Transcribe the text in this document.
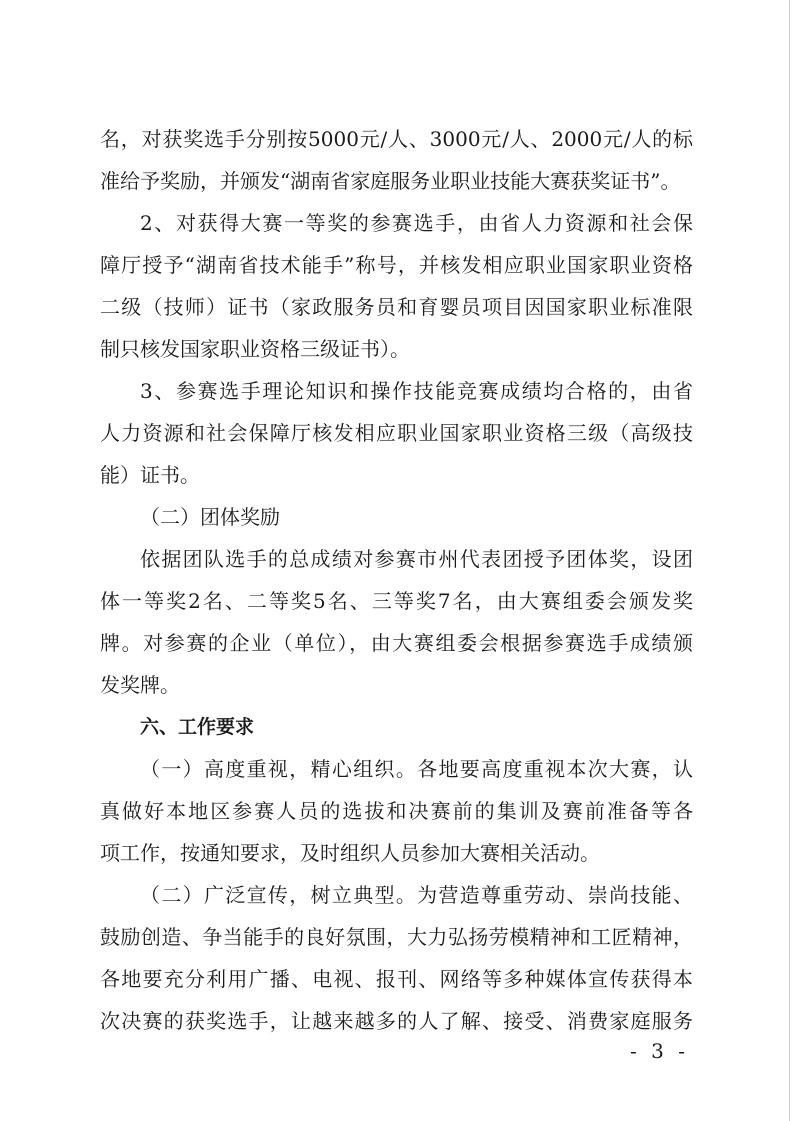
名，对获奖选手分别按5000元/人、3000元/人、2000元/人的标
准给予奖励，并颁发“湖南省家庭服务业职业技能大赛获奖证书”。
2、对获得大赛一等奖的参赛选手，由省人力资源和社会保
障厅授予“湖南省技术能手”称号，并核发相应职业国家职业资格
二级（技师）证书（家政服务员和育婴员项目因国家职业标准限
制只核发国家职业资格三级证书）。
3、参赛选手理论知识和操作技能竞赛成绩均合格的，由省
人力资源和社会保障厅核发相应职业国家职业资格三级（高级技
能）证书。
（二）团体奖励
依据团队选手的总成绩对参赛市州代表团授予团体奖，设团
体一等奖2名、二等奖5名、三等奖7名，由大赛组委会颁发奖
牌。对参赛的企业（单位），由大赛组委会根据参赛选手成绩颁
发奖牌。
六、工作要求
（一）高度重视，精心组织。各地要高度重视本次大赛，认
真做好本地区参赛人员的选拔和决赛前的集训及赛前准备等各
项工作，按通知要求，及时组织人员参加大赛相关活动。
（二）广泛宣传，树立典型。为营造尊重劳动、崇尚技能、
鼓励创造、争当能手的良好氛围，大力弘扬劳模精神和工匠精神，
各地要充分利用广播、电视、报刊、网络等多种媒体宣传获得本
次决赛的获奖选手，让越来越多的人了解、接受、消费家庭服务
- 3 -
